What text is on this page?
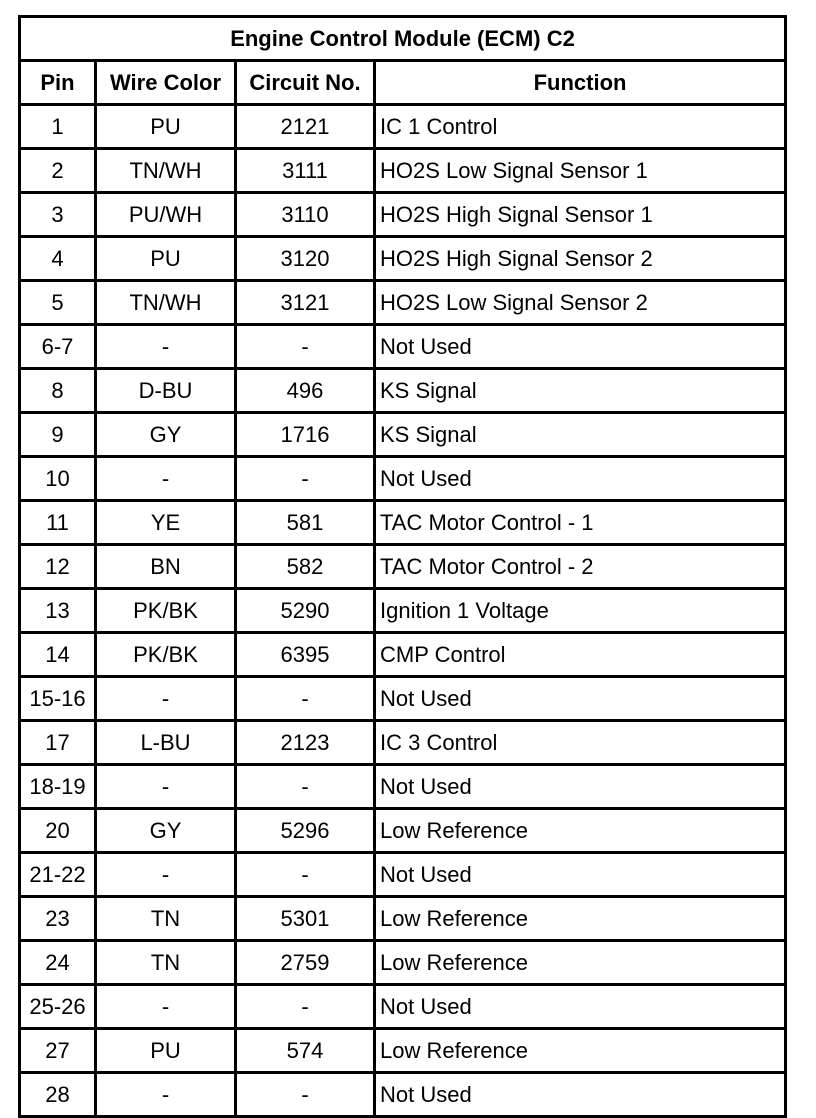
Engine Control Module (ECM) C2			
Pin	Wire Color	Circuit No.	Function
1	PU	2121	IC 1 Control
2	TN/WH	3111	HO2S Low Signal Sensor 1
3	PU/WH	3110	HO2S High Signal Sensor 1
4	PU	3120	HO2S High Signal Sensor 2
5	TN/WH	3121	HO2S Low Signal Sensor 2
6-7	-	-	Not Used
8	D-BU	496	KS Signal
9	GY	1716	KS Signal
10	-	-	Not Used
11	YE	581	TAC Motor Control - 1
12	BN	582	TAC Motor Control - 2
13	PK/BK	5290	Ignition 1 Voltage
14	PK/BK	6395	CMP Control
15-16	-	-	Not Used
17	L-BU	2123	IC 3 Control
18-19	-	-	Not Used
20	GY	5296	Low Reference
21-22	-	-	Not Used
23	TN	5301	Low Reference
24	TN	2759	Low Reference
25-26	-	-	Not Used
27	PU	574	Low Reference
28	-	-	Not Used
